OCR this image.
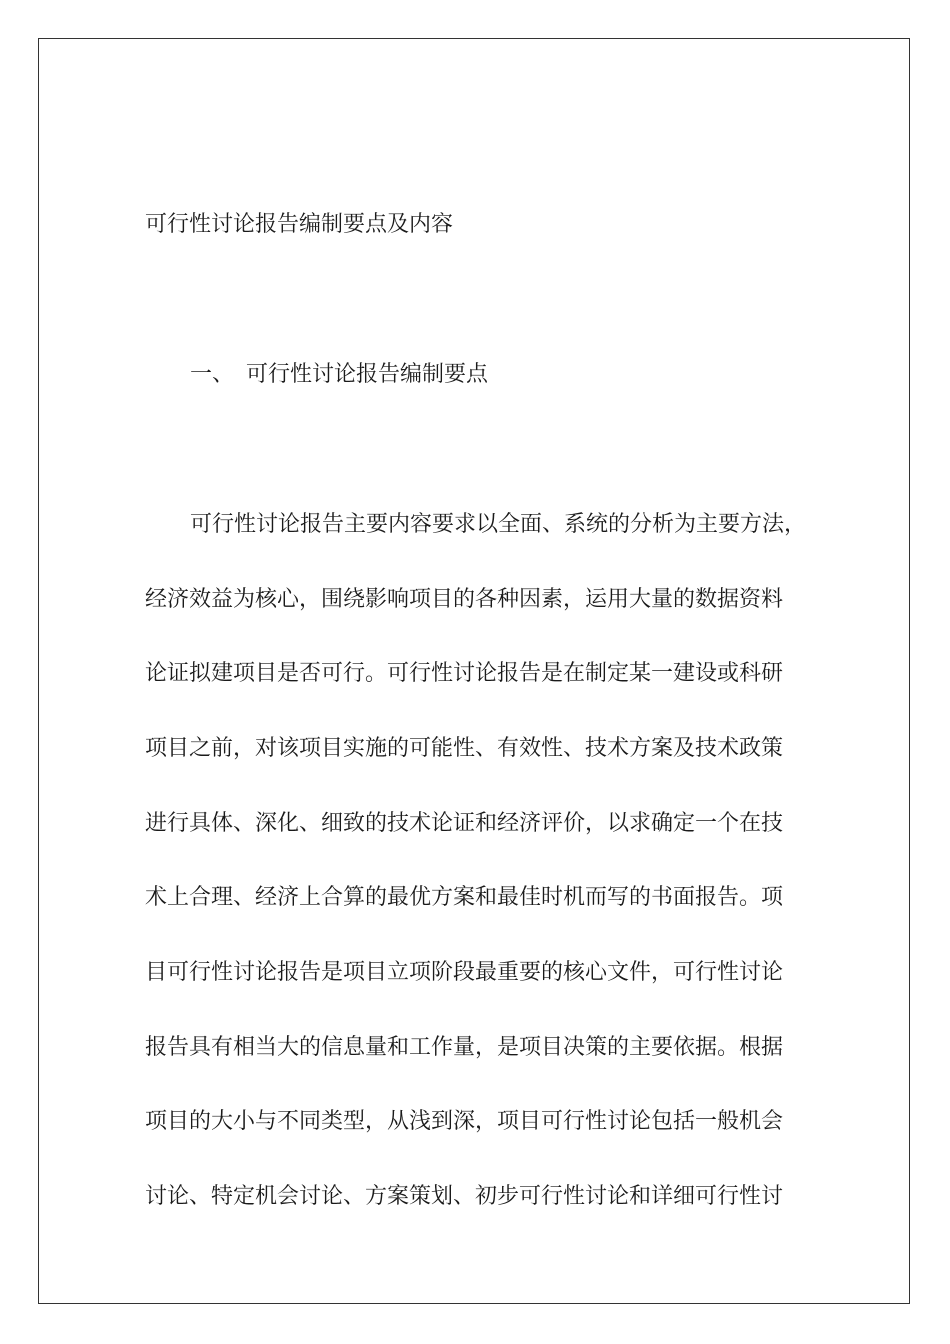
可行性讨论报告编制要点及内容
一、 可行性讨论报告编制要点
可行性讨论报告主要内容要求以全面、系统的分析为主要方法，
经济效益为核心，围绕影响项目的各种因素，运用大量的数据资料
论证拟建项目是否可行。可行性讨论报告是在制定某一建设或科研
项目之前，对该项目实施的可能性、有效性、技术方案及技术政策
进行具体、深化、细致的技术论证和经济评价，以求确定一个在技
术上合理、经济上合算的最优方案和最佳时机而写的书面报告。项
目可行性讨论报告是项目立项阶段最重要的核心文件，可行性讨论
报告具有相当大的信息量和工作量，是项目决策的主要依据。根据
项目的大小与不同类型，从浅到深，项目可行性讨论包括一般机会
讨论、特定机会讨论、方案策划、初步可行性讨论和详细可行性讨
